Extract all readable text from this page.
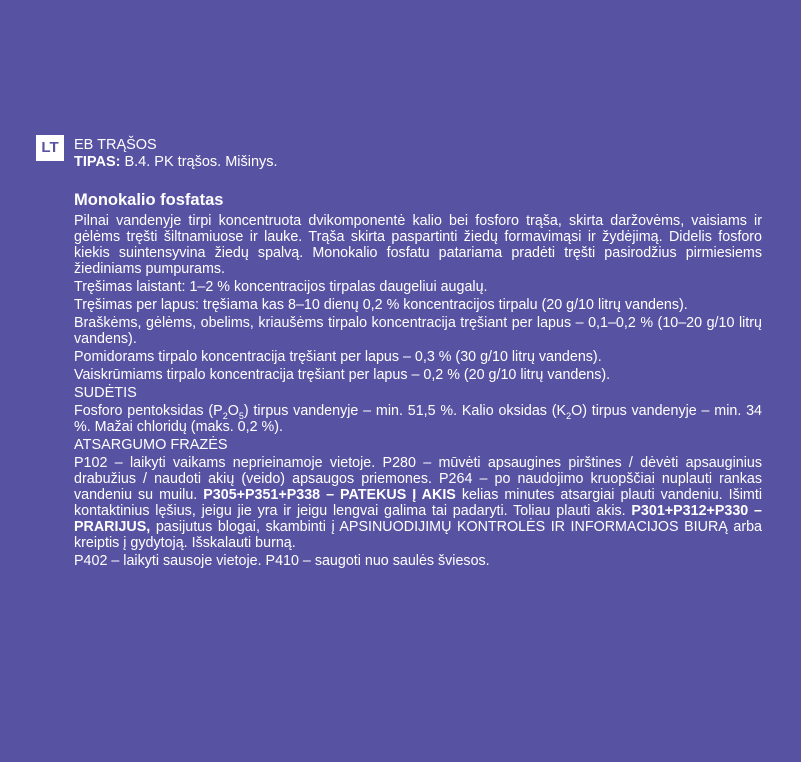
LT	EB TRĄŠOS

TIPAS: B.4. PK trąšos. Mišinys.

Monokalio fosfatas

Pilnai vandenyje tirpi koncentruota dvikomponentė kalio bei fosforo trąša, skirta daržovėms, vaisiams ir gėlėms tręšti šiltnamiuose ir lauke. Trąša skirta paspartinti žiedų formavimąsi ir žydėjimą. Didelis fosforo kiekis suintensyvina žiedų spalvą. Monokalio fosfatu patariama pradėti tręšti pasirodžius pirmiesiems žiediniams pumpurams.

Tręšimas laistant: 1–2 % koncentracijos tirpalas daugeliui augalų.

Tręšimas per lapus: tręšiama kas 8–10 dienų 0,2 % koncentracijos tirpalu (20 g/10 litrų vandens).

Braškėms, gėlėms, obelims, kriaušėms tirpalo koncentracija tręšiant per lapus – 0,1–0,2 % (10–20 g/10 litrų vandens).

Pomidorams tirpalo koncentracija tręšiant per lapus – 0,3 % (30 g/10 litrų vandens).

Vaiskrūmiams tirpalo koncentracija tręšiant per lapus – 0,2 % (20 g/10 litrų vandens).

SUDĖTIS

Fosforo pentoksidas $(P_2O_5)$ tirpus vandenyje – min. 51,5 %. Kalio oksidas $(K_2O)$ tirpus vandenyje – min. 34 %. Mažai chloridų (maks. 0,2 %).

ATSARGUMO FRAZĖS

P102 – laikyti vaikams neprieinamoje vietoje. P280 – mūvėti apsaugines pirštines / dėvėti apsauginius drabužius / naudoti akių (veido) apsaugos priemones. P264 – po naudojimo kruopščiai nuplauti rankas vandeniu su muilu. P305+P351+P338 – PATEKUS Į AKIS kelias minutes atsargiai plauti vandeniu. Išimti kontaktinius lęšius, jeigu jie yra ir jeigu lengvai galima tai padaryti. Toliau plauti akis. P301+P312+P330 – PRARIJUS, pasijutus blogai, skambinti į APSINUODIJIMŲ KONTROLĖS IR INFORMACIJOS BIURĄ arba kreiptis į gydytoją. Išskalauti burną.

P402 – laikyti sausoje vietoje. P410 – saugoti nuo saulės šviesos.
